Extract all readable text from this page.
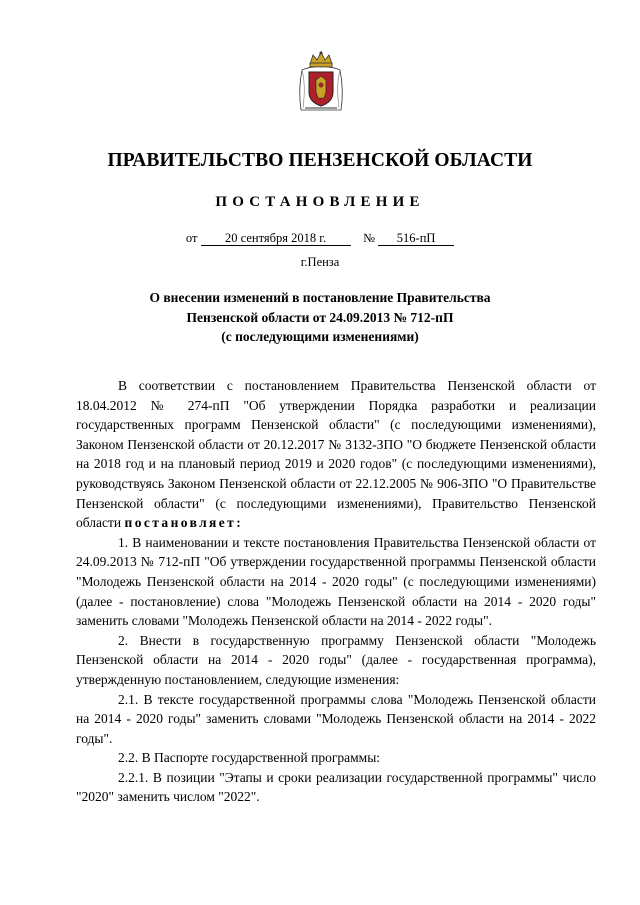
ПРАВИТЕЛЬСТВО ПЕНЗЕНСКОЙ ОБЛАСТИ
ПОСТАНОВЛЕНИЕ
от 20 сентября 2018 г.	№ 516-пП
г.Пенза
О внесении изменений в постановление Правительства
Пензенской области от 24.09.2013 № 712-пП
(с последующими изменениями)

В соответствии с постановлением Правительства Пензенской области от 18.04.2012 № 274-пП "Об утверждении Порядка разработки и реализации государственных программ Пензенской области" (с последующими изменениями), Законом Пензенской области от 20.12.2017 № 3132-ЗПО "О бюджете Пензенской области на 2018 год и на плановый период 2019 и 2020 годов" (с последующими изменениями), руководствуясь Законом Пензенской области от 22.12.2005 № 906-ЗПО "О Правительстве Пензенской области" (с последующими изменениями), Правительство Пензенской области постановляет:

1. В наименовании и тексте постановления Правительства Пензенской области от 24.09.2013 № 712-пП "Об утверждении государственной программы Пензенской области "Молодежь Пензенской области на 2014 - 2020 годы" (с последующими изменениями) (далее - постановление) слова "Молодежь Пензенской области на 2014 - 2020 годы" заменить словами "Молодежь Пензенской области на 2014 - 2022 годы".

2. Внести в государственную программу Пензенской области "Молодежь Пензенской области на 2014 - 2020 годы" (далее - государственная программа), утвержденную постановлением, следующие изменения:

2.1. В тексте государственной программы слова "Молодежь Пензенской области на 2014 - 2020 годы" заменить словами "Молодежь Пензенской области на 2014 - 2022 годы".

2.2. В Паспорте государственной программы:

2.2.1. В позиции "Этапы и сроки реализации государственной программы" число "2020" заменить числом "2022".
